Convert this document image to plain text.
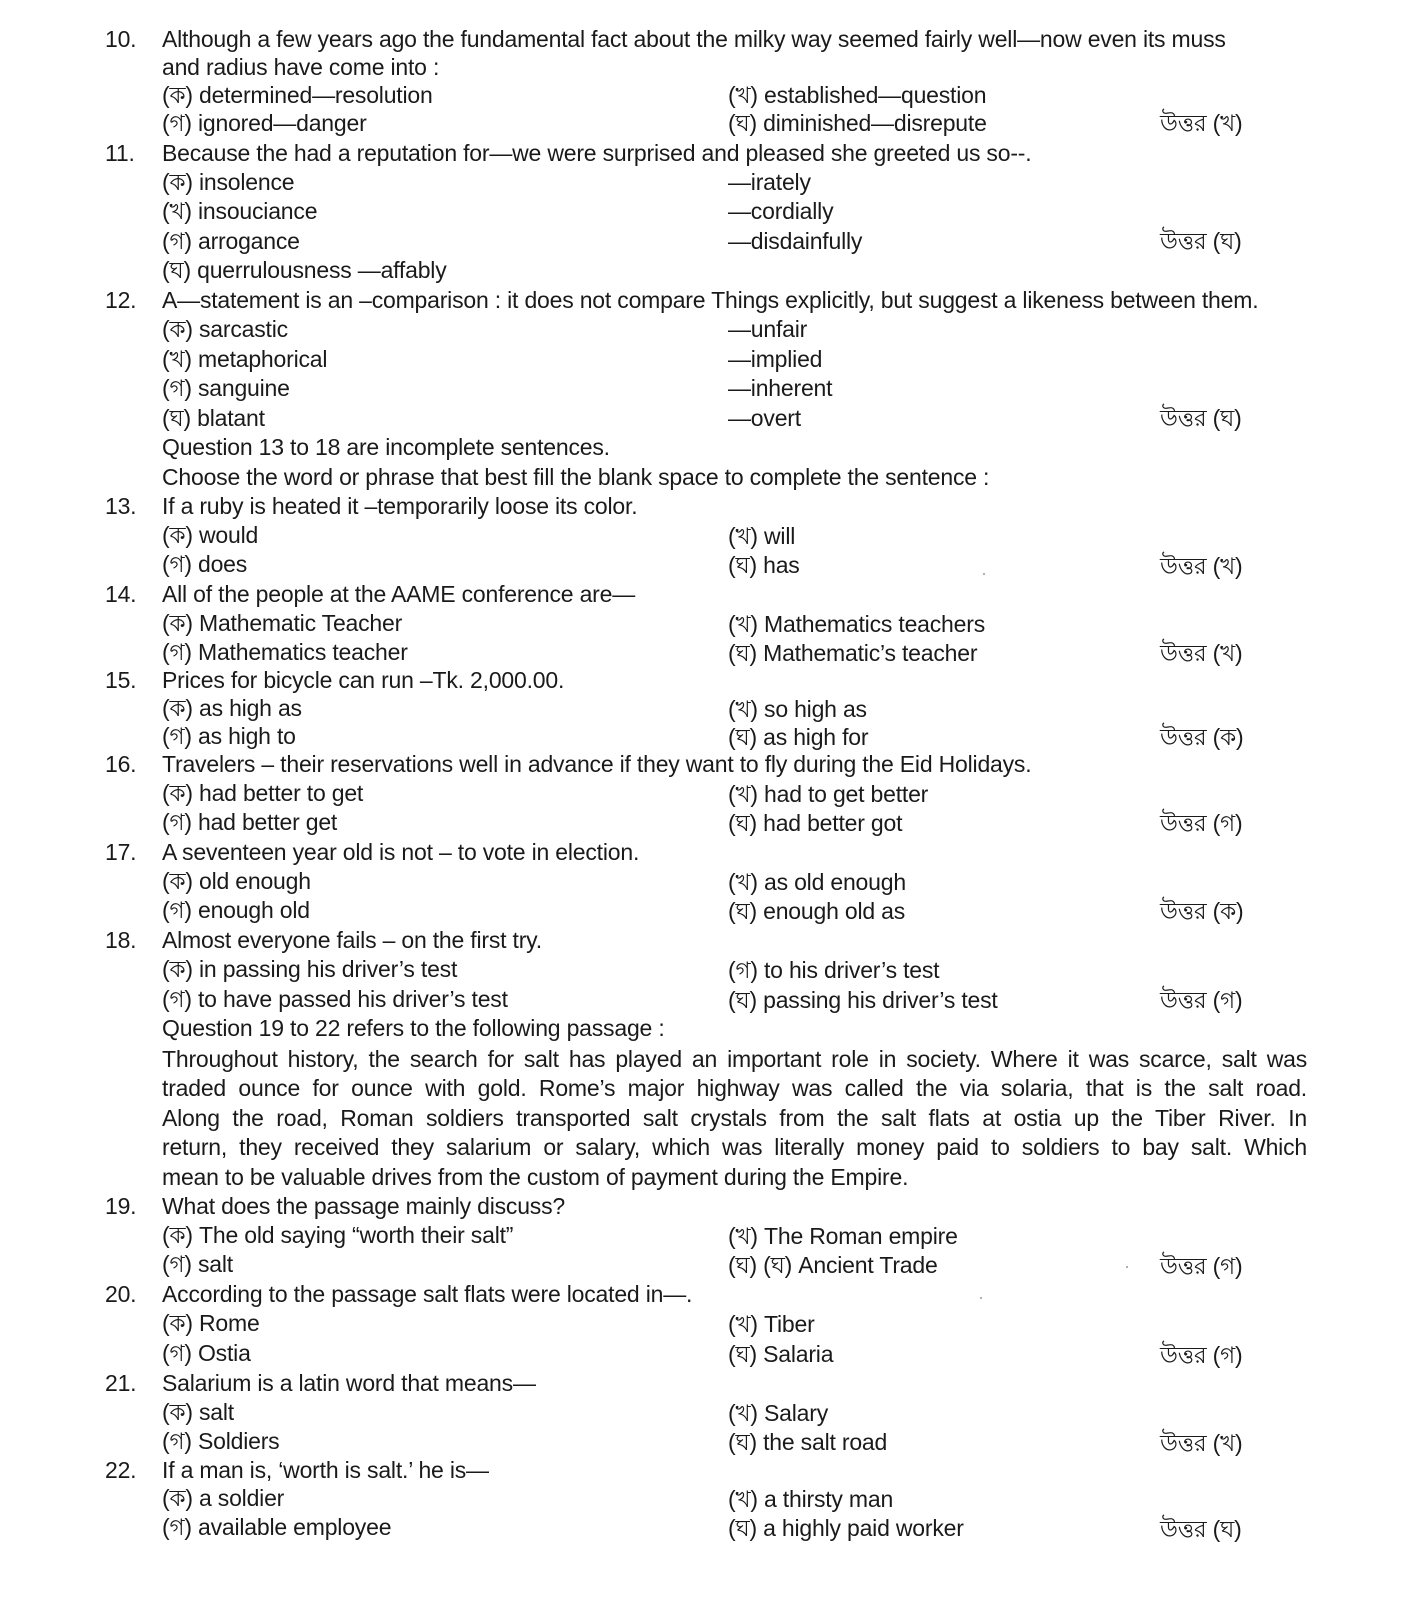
10. Although a few years ago the fundamental fact about the milky way seemed fairly well—now even its muss
and radius have come into :
(ক) determined—resolution	(খ) established—question
(গ) ignored—danger	(ঘ) diminished—disrepute	উত্তর (খ)
11. Because the had a reputation for—we were surprised and pleased she greeted us so--.
(ক) insolence	—irately
(খ) insouciance	—cordially
(গ) arrogance	—disdainfully	উত্তর (ঘ)
(ঘ) querrulousness —affably
12. A—statement is an –comparison : it does not compare Things explicitly, but suggest a likeness between them.
(ক) sarcastic	—unfair
(খ) metaphorical	—implied
(গ) sanguine	—inherent
(ঘ) blatant	—overt	উত্তর (ঘ)
Question 13 to 18 are incomplete sentences.
Choose the word or phrase that best fill the blank space to complete the sentence :
13. If a ruby is heated it –temporarily loose its color.
(ক) would	(খ) will
(গ) does	(ঘ) has	উত্তর (খ)
14. All of the people at the AAME conference are—
(ক) Mathematic Teacher	(খ) Mathematics teachers
(গ) Mathematics teacher	(ঘ) Mathematic’s teacher	উত্তর (খ)
15. Prices for bicycle can run –Tk. 2,000.00.
(ক) as high as	(খ) so high as
(গ) as high to	(ঘ) as high for	উত্তর (ক)
16. Travelers – their reservations well in advance if they want to fly during the Eid Holidays.
(ক) had better to get	(খ) had to get better
(গ) had better get	(ঘ) had better got	উত্তর (গ)
17. A seventeen year old is not – to vote in election.
(ক) old enough	(খ) as old enough
(গ) enough old	(ঘ) enough old as	উত্তর (ক)
18. Almost everyone fails – on the first try.
(ক) in passing his driver’s test	(গ) to his driver’s test
(গ) to have passed his driver’s test	(ঘ) passing his driver’s test	উত্তর (গ)
Question 19 to 22 refers to the following passage :
Throughout history, the search for salt has played an important role in society. Where it was scarce, salt was
traded ounce for ounce with gold. Rome’s major highway was called the via solaria, that is the salt road.
Along the road, Roman soldiers transported salt crystals from the salt flats at ostia up the Tiber River. In
return, they received they salarium or salary, which was literally money paid to soldiers to bay salt. Which
mean to be valuable drives from the custom of payment during the Empire.
19. What does the passage mainly discuss?
(ক) The old saying “worth their salt”	(খ) The Roman empire
(গ) salt	(ঘ) (ঘ) Ancient Trade	উত্তর (গ)
20. According to the passage salt flats were located in—.
(ক) Rome	(খ) Tiber
(গ) Ostia	(ঘ) Salaria	উত্তর (গ)
21. Salarium is a latin word that means—
(ক) salt	(খ) Salary
(গ) Soldiers	(ঘ) the salt road	উত্তর (খ)
22. If a man is, ‘worth is salt.’ he is—
(ক) a soldier	(খ) a thirsty man
(গ) available employee	(ঘ) a highly paid worker	উত্তর (ঘ)
